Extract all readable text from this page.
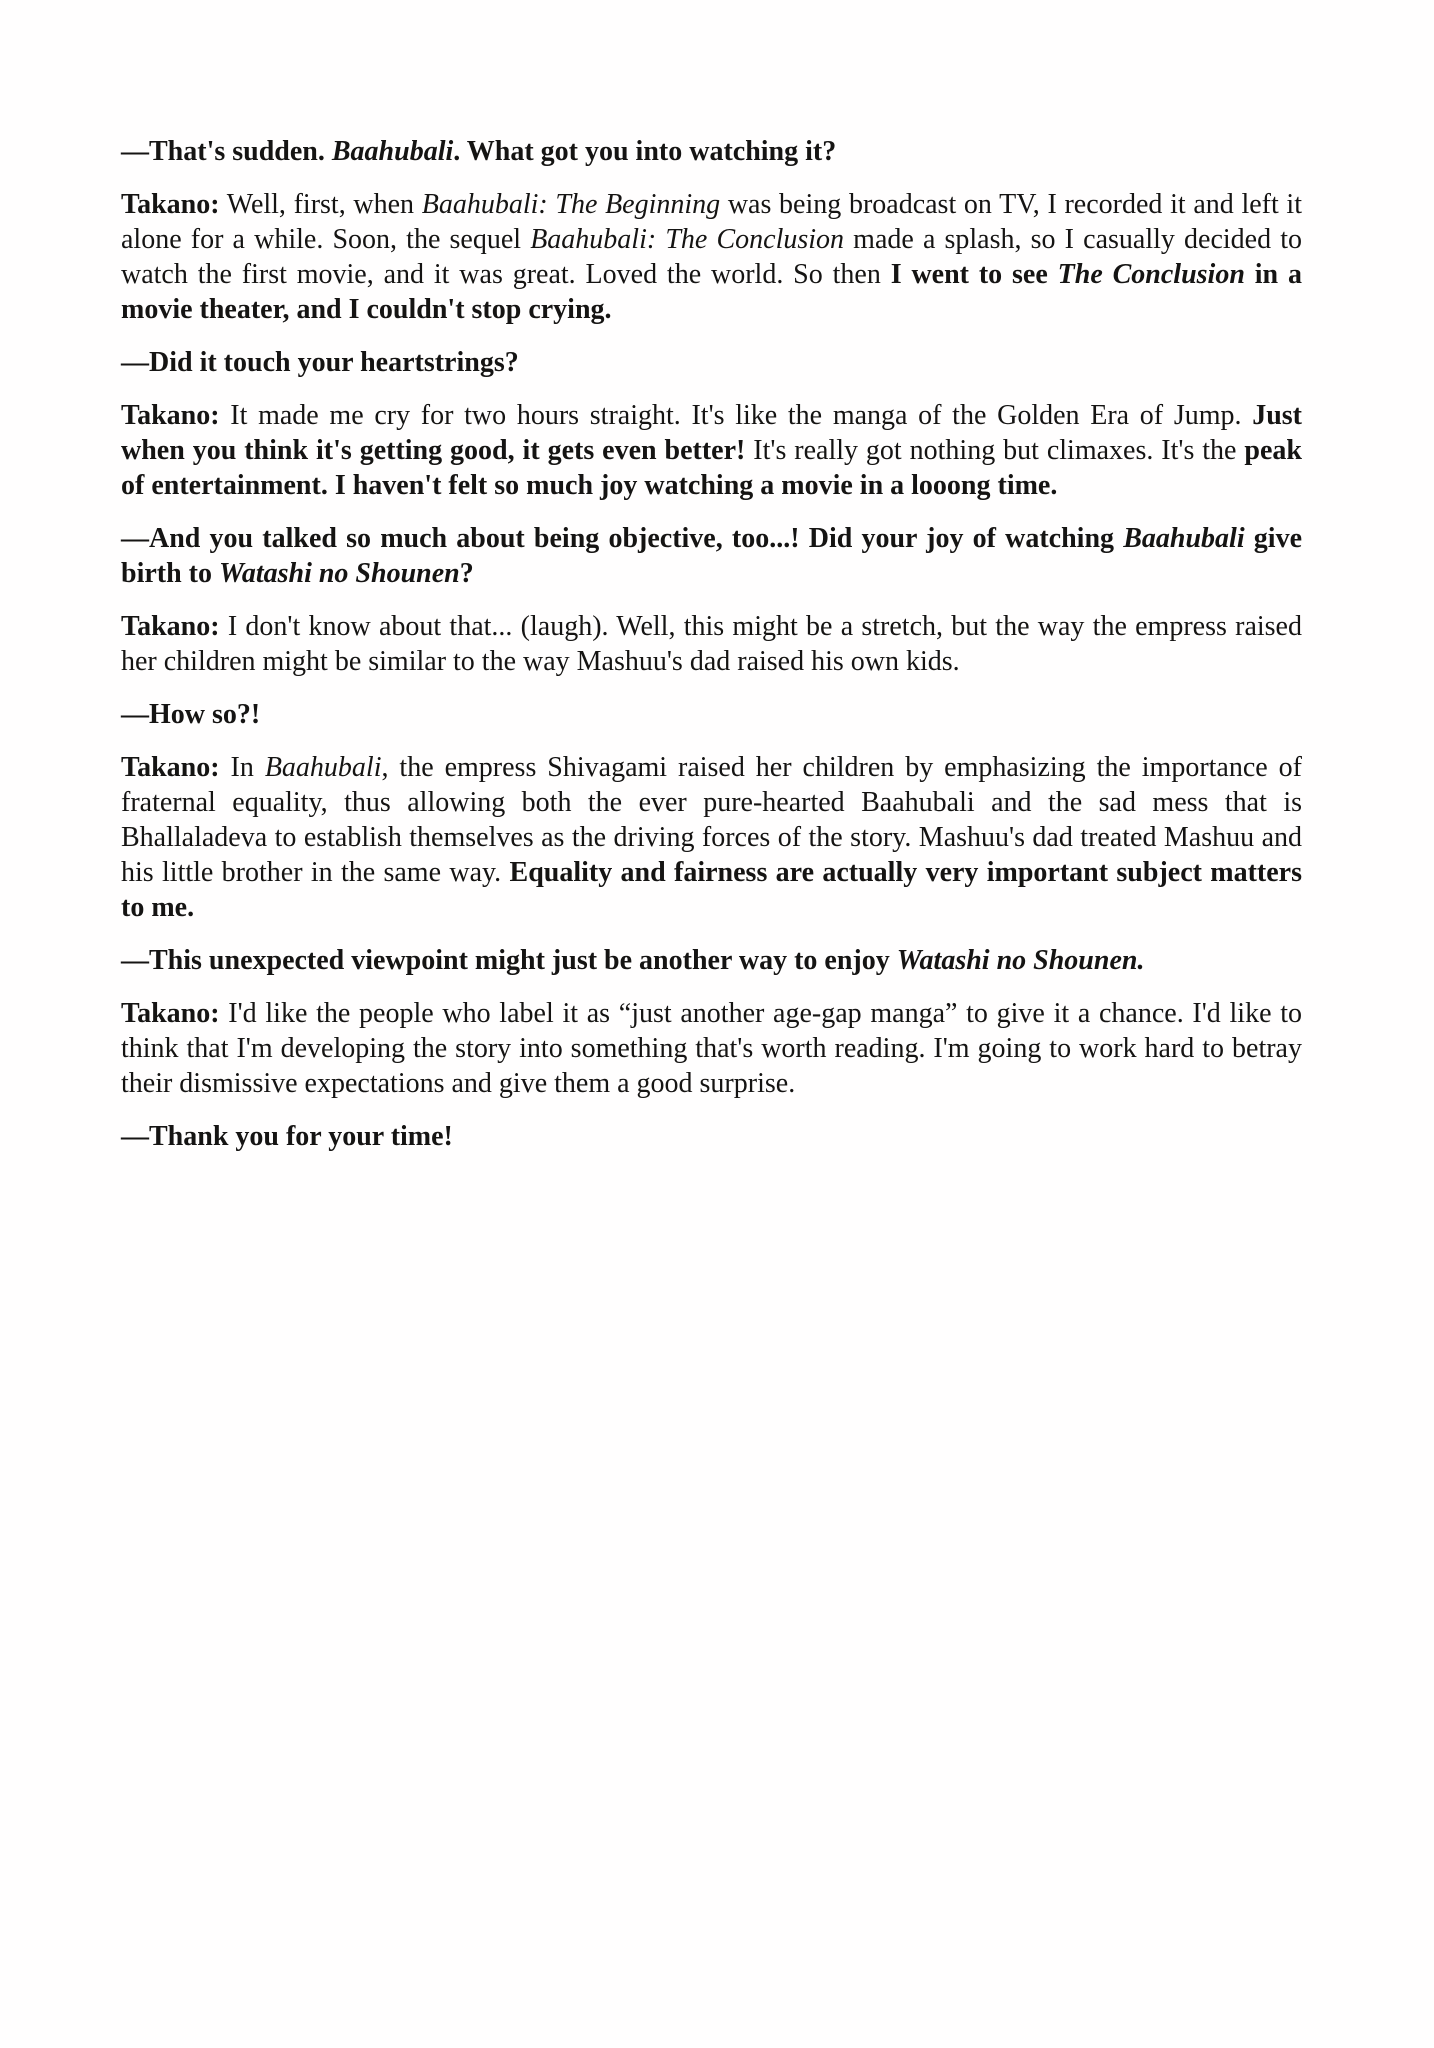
—That's sudden. Baahubali. What got you into watching it?

Takano: Well, first, when Baahubali: The Beginning was being broadcast on TV, I recorded it and left it alone for a while. Soon, the sequel Baahubali: The Conclusion made a splash, so I casually decided to watch the first movie, and it was great. Loved the world. So then I went to see The Conclusion in a movie theater, and I couldn't stop crying.

—Did it touch your heartstrings?

Takano: It made me cry for two hours straight. It's like the manga of the Golden Era of Jump. Just when you think it's getting good, it gets even better! It's really got nothing but climaxes. It's the peak of entertainment. I haven't felt so much joy watching a movie in a looong time.

—And you talked so much about being objective, too...! Did your joy of watching Baahubali give birth to Watashi no Shounen?

Takano: I don't know about that... (laugh). Well, this might be a stretch, but the way the empress raised her children might be similar to the way Mashuu's dad raised his own kids.

—How so?!

Takano: In Baahubali, the empress Shivagami raised her children by emphasizing the importance of fraternal equality, thus allowing both the ever pure-hearted Baahubali and the sad mess that is Bhallaladeva to establish themselves as the driving forces of the story. Mashuu's dad treated Mashuu and his little brother in the same way. Equality and fairness are actually very important subject matters to me.

—This unexpected viewpoint might just be another way to enjoy Watashi no Shounen.

Takano: I'd like the people who label it as “just another age-gap manga” to give it a chance. I'd like to think that I'm developing the story into something that's worth reading. I'm going to work hard to betray their dismissive expectations and give them a good surprise.

—Thank you for your time!
